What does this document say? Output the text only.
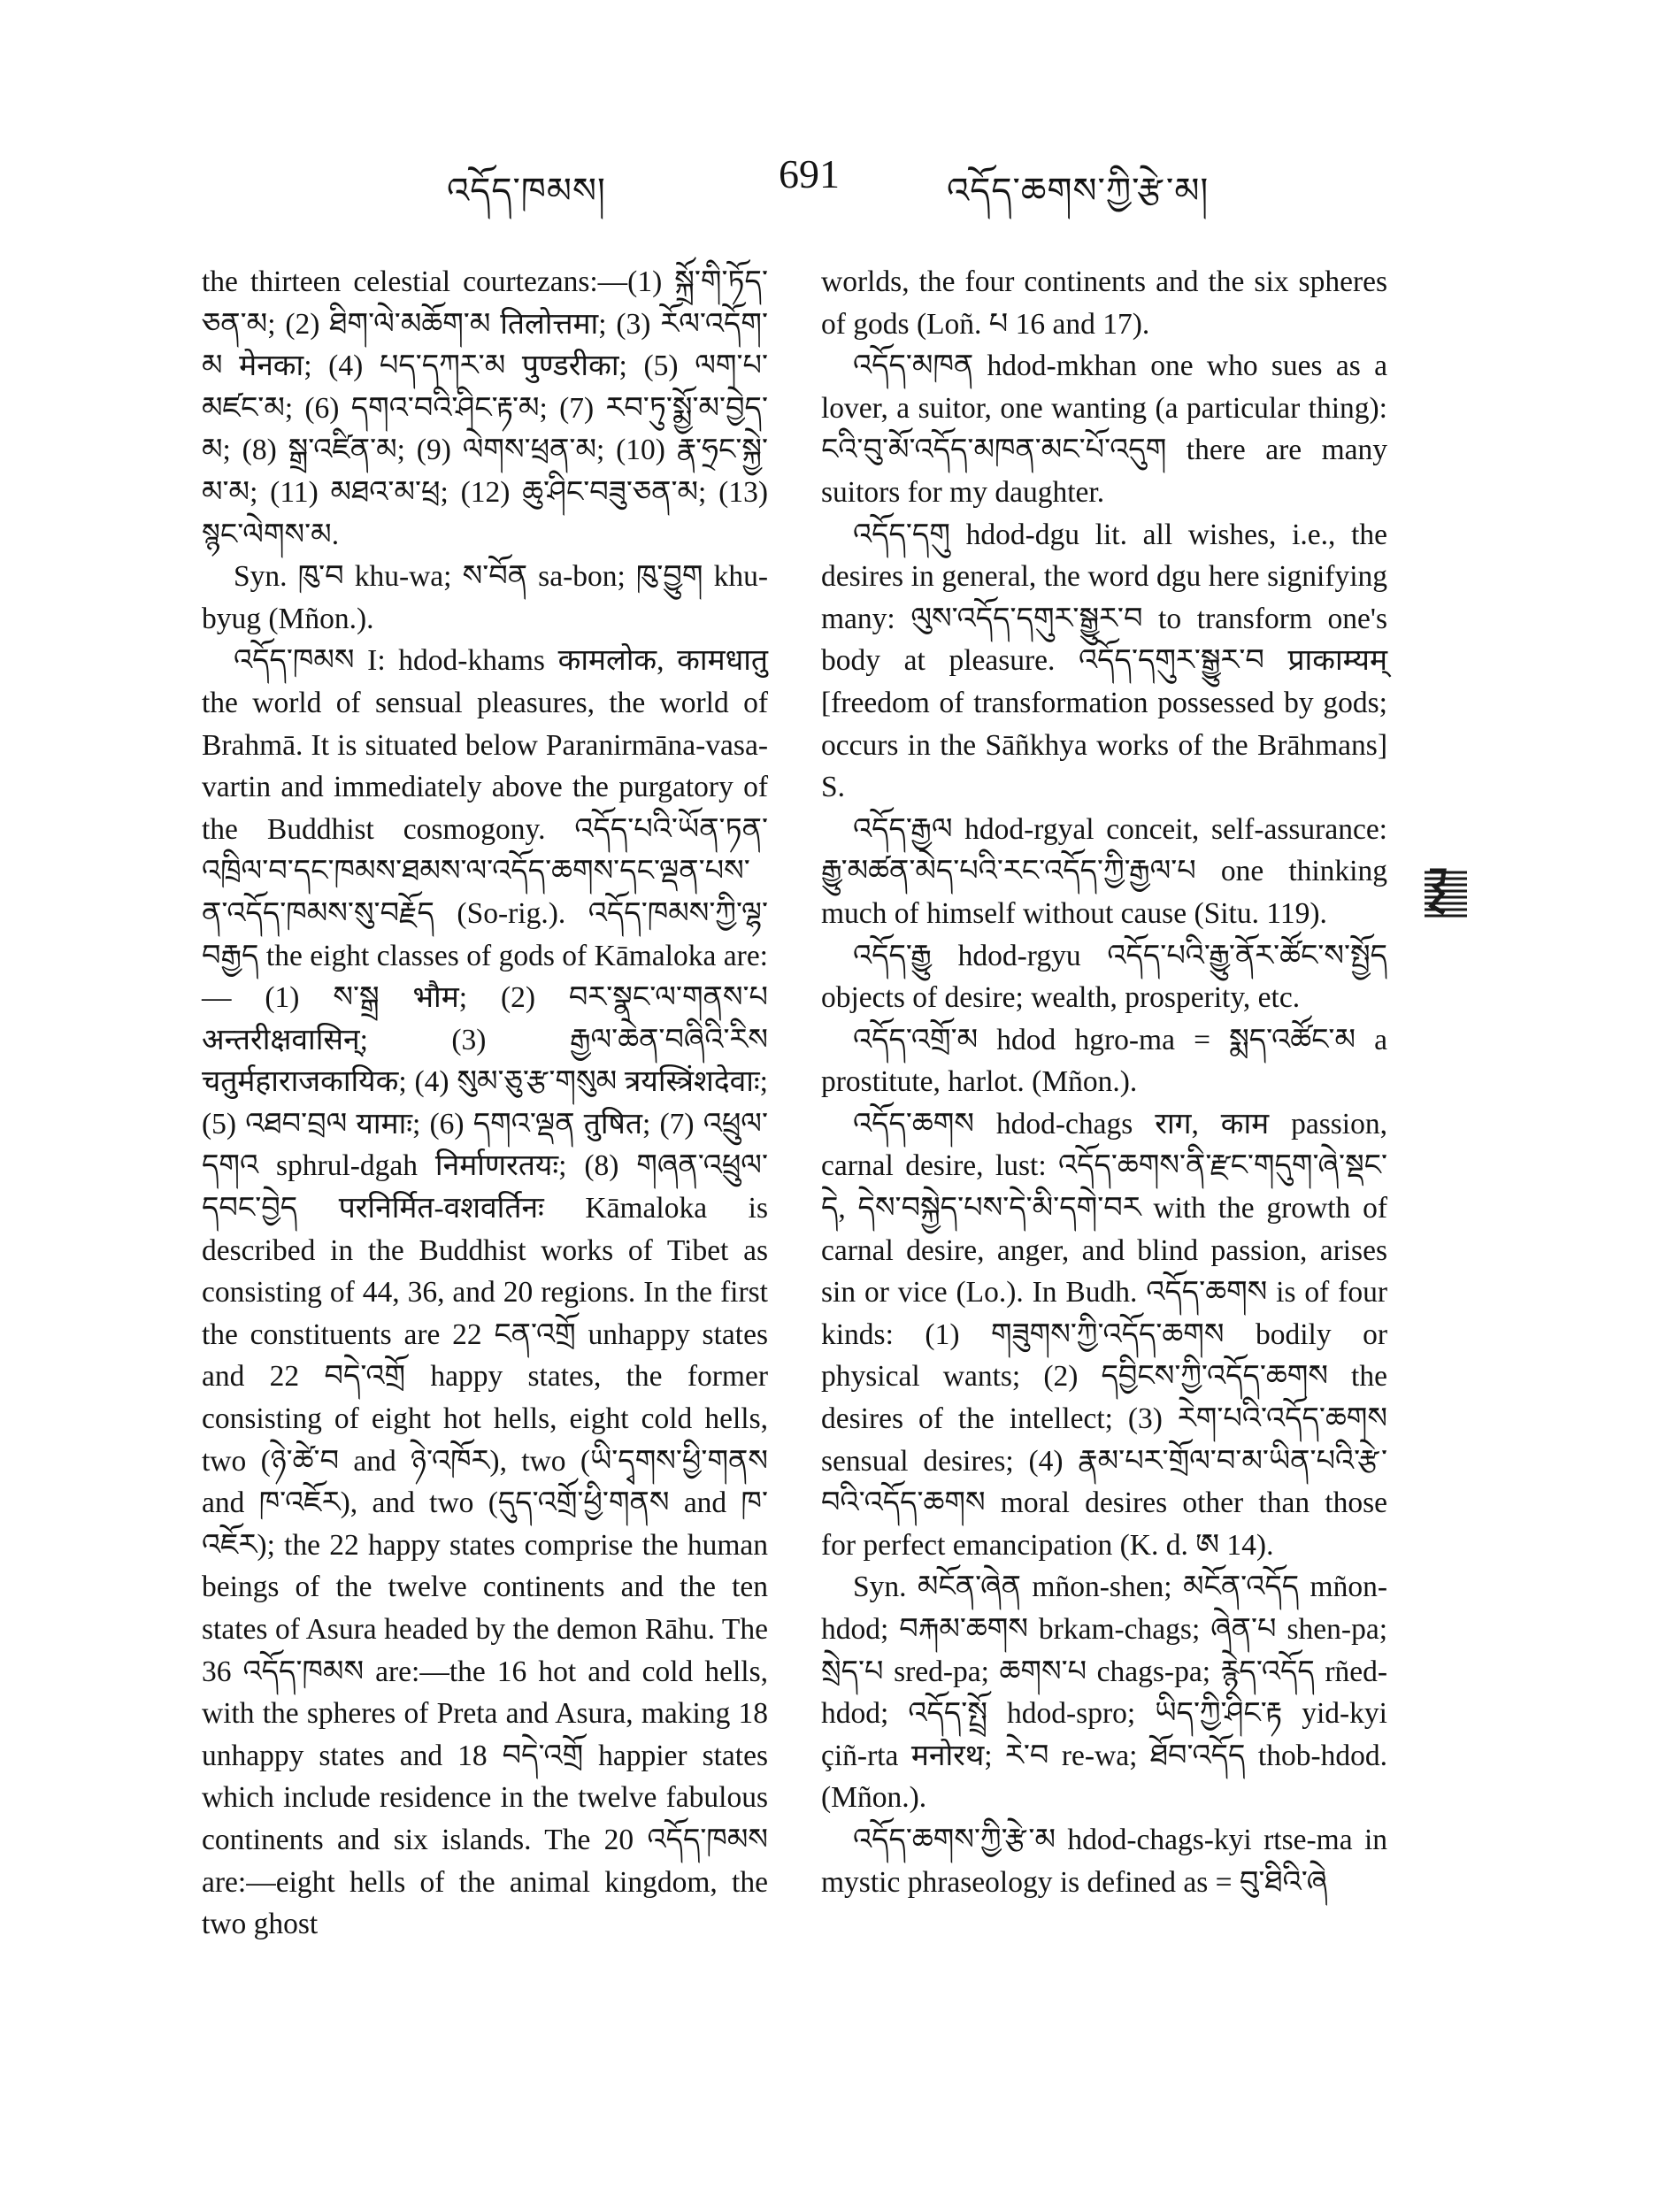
འདོད་ཁམས།	691	འདོད་ཆགས་ཀྱི་རྩེ་མ།

the thirteen celestial courtezans:—(1) སྐྲོ་གི་ཏོད་ཅན་མ; (2) ཐིག་ལེ་མཆོག་མ तिलोत्तमा; (3) རོལ་འདོག་མ मेनका; (4) པད་དཀར་མ पुण्डरीका; (5) ལག་པ་མཛང་མ; (6) དགའ་བའི་ཤིང་རྟ་མ; (7) རབ་ཏུ་སྨྱོ་མ་བྱེད་མ; (8) སྒྲ་འཛིན་མ; (9) ལེགས་ཕྲན་མ; (10) རྣ་ཧྲང་སྐྱེ་མ་མ; (11) མཐའ་མ་ཕྲ; (12) ཆུ་ཤིང་བཟུ་ཅན་མ; (13) སྙང་ལེགས་མ.

Syn. ཁུ་བ khu-wa; ས་བོན sa-bon; ཁུ་བྱུག khu-byug (Mñon.).

འདོད་ཁམས I: hdod-khams कामलोक, कामधातु the world of sensual pleasures, the world of Brahmā. It is situated below Paranirmāna-vasa-vartin and immediately above the purgatory of the Buddhist cosmogony. འདོད་པའི་ཡོན་ཏན་འཁྲིལ་བ་དང་ཁམས་ཐམས་ལ་འདོད་ཆགས་དང་ལྡན་པས་ན་འདོད་ཁམས་སུ་བརྗོད (So-rig.). འདོད་ཁམས་ཀྱི་ལྷ་བརྒྱད the eight classes of gods of Kāmaloka are:— (1) ས་སྒྲ भौम; (2) བར་སྣང་ལ་གནས་པ अन्तरीक्षवासिन्; (3) རྒྱལ་ཆེན་བཞིའི་རིས चतुर्महाराजकायिक; (4) སུམ་ཅུ་རྩ་གསུམ त्रयस्त्रिंशदेवाः; (5) འཐབ་བྲལ यामाः; (6) དགའ་ལྡན तुषित; (7) འཕྲུལ་དགའ sphrul-dgah निर्माणरतयः; (8) གཞན་འཕྲུལ་དབང་བྱེད परनिर्मित-वशवर्तिनः Kāmaloka is described in the Buddhist works of Tibet as consisting of 44, 36, and 20 regions. In the first the constituents are 22 ངན་འགྲོ unhappy states and 22 བདེ་འགྲོ happy states, the former consisting of eight hot hells, eight cold hells, two (ཉེ་ཚེ་བ and ཉེ་འཁོར), two (ཡི་དྭགས་ཕྱི་གནས and ཁ་འཇོར), and two (དུད་འགྲོ་ཕྱི་གནས and ཁ་འཇོར); the 22 happy states comprise the human beings of the twelve continents and the ten states of Asura headed by the demon Rāhu. The 36 འདོད་ཁམས are:—the 16 hot and cold hells, with the spheres of Preta and Asura, making 18 unhappy states and 18 བདེ་འགྲོ happier states which include residence in the twelve fabulous continents and six islands. The 20 འདོད་ཁམས are:—eight hells of the animal kingdom, the two ghost

worlds, the four continents and the six spheres of gods (Loñ. པ 16 and 17).

འདོད་མཁན hdod-mkhan one who sues as a lover, a suitor, one wanting (a particular thing): ངའི་བུ་མོ་འདོད་མཁན་མང་པོ་འདུག there are many suitors for my daughter.

འདོད་དགུ hdod-dgu lit. all wishes, i.e., the desires in general, the word dgu here signifying many: ལུས་འདོད་དགུར་སྒྱུར་བ to transform one's body at pleasure. འདོད་དགུར་སྒྱུར་བ प्राकाम्यम् [freedom of transformation possessed by gods; occurs in the Sāñkhya works of the Brāhmans] S.

འདོད་རྒྱལ hdod-rgyal conceit, self-assurance: རྒྱུ་མཚན་མེད་པའི་རང་འདོད་ཀྱི་རྒྱལ་པ one thinking much of himself without cause (Situ. 119).

འདོད་རྒྱུ hdod-rgyu འདོད་པའི་རྒྱུ་ནོར་ཚོང་ས་སྤྱོད objects of desire; wealth, prosperity, etc.

འདོད་འགྲོ་མ hdod hgro-ma = སྨད་འཚོང་མ a prostitute, harlot. (Mñon.).

འདོད་ཆགས hdod-chags राग, काम passion, carnal desire, lust: འདོད་ཆགས་ནི་རྫང་གདུག་ཞེ་སྡང་དེ, དེས་བསྐྱེད་པས་དེ་མི་དགེ་བར with the growth of carnal desire, anger, and blind passion, arises sin or vice (Lo.). In Budh. འདོད་ཆགས is of four kinds: (1) གཟུགས་ཀྱི་འདོད་ཆགས bodily or physical wants; (2) དབྱིངས་ཀྱི་འདོད་ཆགས the desires of the intellect; (3) རེག་པའི་འདོད་ཆགས sensual desires; (4) རྣམ་པར་གྲོལ་བ་མ་ཡིན་པའི་རྩེ་བའི་འདོད་ཆགས moral desires other than those for perfect emancipation (K. d. ཨ 14).

Syn. མངོན་ཞེན mñon-shen; མངོན་འདོད mñon-hdod; བརྐམ་ཆགས brkam-chags; ཞེན་པ shen-pa; སྲེད་པ sred-pa; ཆགས་པ chags-pa; རྙེད་འདོད rñed-hdod; འདོད་སྤྲོ hdod-spro; ཡིད་ཀྱི་ཤིང་རྟ yid-kyi çiñ-rta मनोरथ; རེ་བ re-wa; ཐོབ་འདོད thob-hdod. (Mñon.).

འདོད་ཆགས་ཀྱི་རྩེ་མ hdod-chags-kyi rtse-ma in mystic phraseology is defined as = བུ་ཐིའི་ཞེ
